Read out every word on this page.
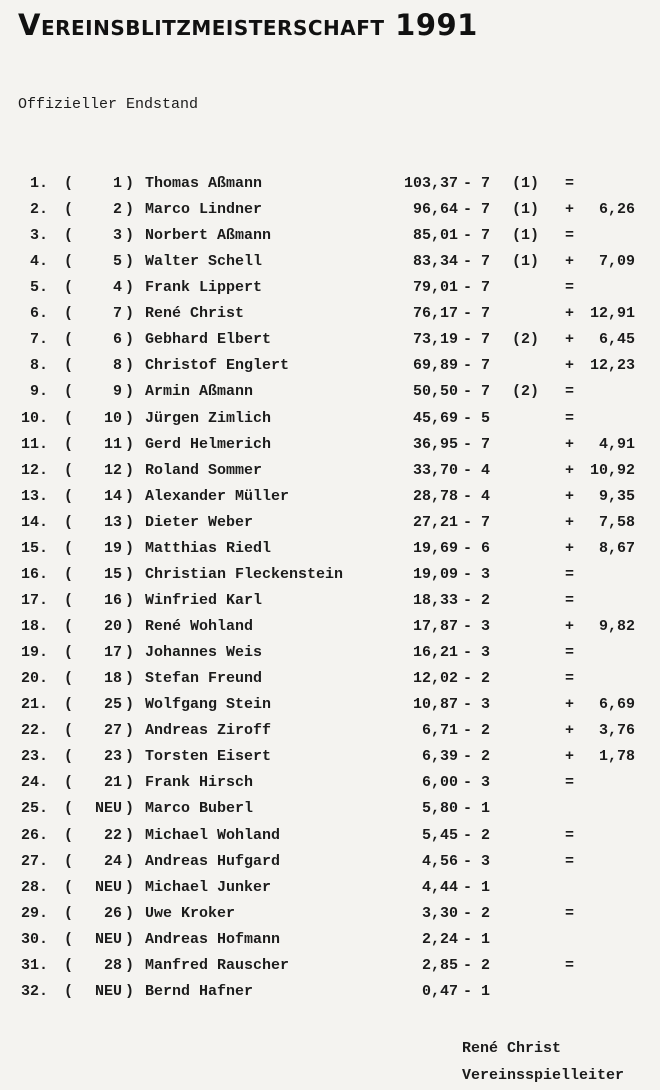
Vereinsblitzmeisterschaft 1991
Offizieller Endstand
1. (	1 ) Thomas Aßmann	103,37 - 7 (1) =
2. (	2 ) Marco Lindner	96,64 - 7 (1) + 6,26
3. (	3 ) Norbert Aßmann	85,01 - 7 (1) =
4. (	5 ) Walter Schell	83,34 - 7 (1) + 7,09
5. (	4 ) Frank Lippert	79,01 - 7	=
6. (	7 ) René Christ	76,17 - 7	+ 12,91
7. (	6 ) Gebhard Elbert	73,19 - 7 (2) + 6,45
8. (	8 ) Christof Englert	69,89 - 7	+ 12,23
9. (	9 ) Armin Aßmann	50,50 - 7 (2) =
10. ( 10 ) Jürgen Zimlich	45,69 - 5	=
11. ( 11 ) Gerd Helmerich	36,95 - 7	+ 4,91
12. ( 12 ) Roland Sommer	33,70 - 4	+ 10,92
13. ( 14 ) Alexander Müller	28,78 - 4	+ 9,35
14. ( 13 ) Dieter Weber	27,21 - 7	+ 7,58
15. ( 19 ) Matthias Riedl	19,69 - 6	+ 8,67
16. ( 15 ) Christian Fleckenstein	19,09 - 3	=
17. ( 16 ) Winfried Karl	18,33 - 2	=
18. ( 20 ) René Wohland	17,87 - 3	+ 9,82
19. ( 17 ) Johannes Weis	16,21 - 3	=
20. ( 18 ) Stefan Freund	12,02 - 2	=
21. ( 25 ) Wolfgang Stein	10,87 - 3	+ 6,69
22. ( 27 ) Andreas Ziroff	6,71 - 2	+ 3,76
23. ( 23 ) Torsten Eisert	6,39 - 2	+ 1,78
24. ( 21 ) Frank Hirsch	6,00 - 3	=
25. ( NEU ) Marco Buberl	5,80 - 1
26. ( 22 ) Michael Wohland	5,45 - 2	=
27. ( 24 ) Andreas Hufgard	4,56 - 3	=
28. ( NEU ) Michael Junker	4,44 - 1
29. ( 26 ) Uwe Kroker	3,30 - 2	=
30. ( NEU ) Andreas Hofmann	2,24 - 1
31. ( 28 ) Manfred Rauscher	2,85 - 2	=
32. ( NEU ) Bernd Hafner	0,47 - 1
René Christ
Vereinsspielleiter
